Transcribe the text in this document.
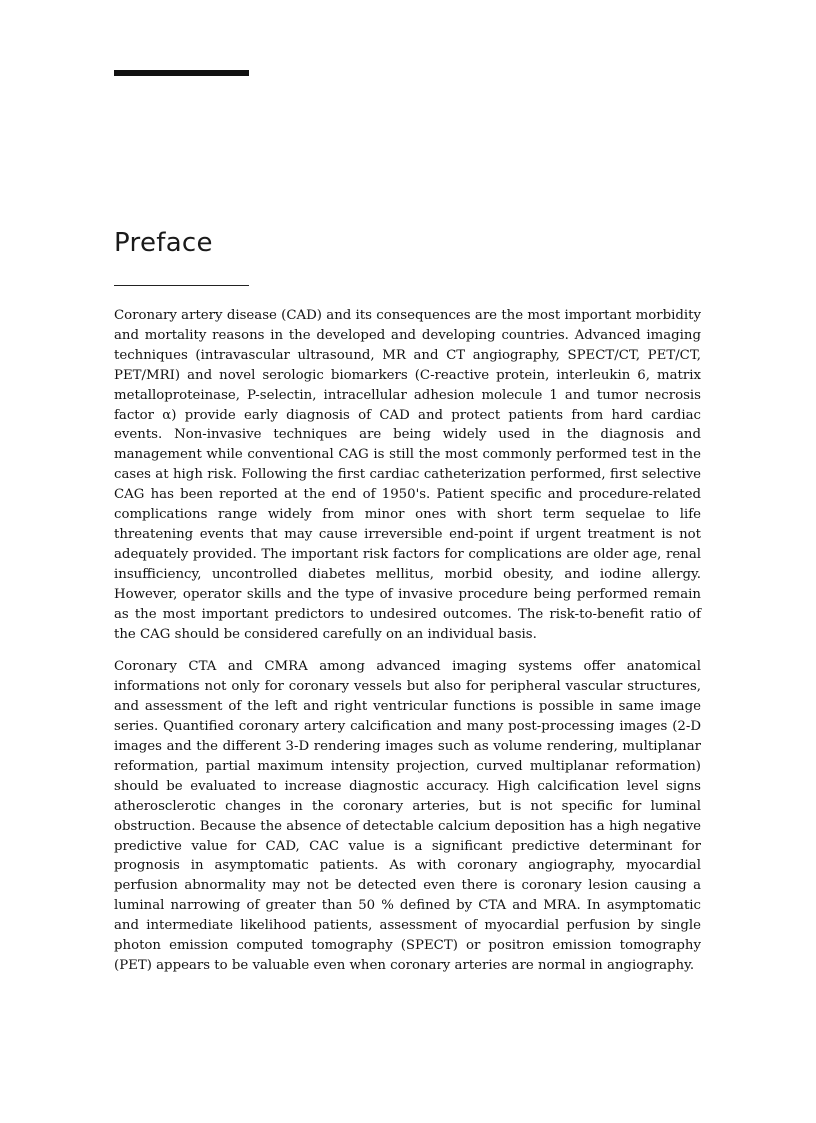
Preface

Coronary artery disease (CAD) and its consequences are the most important morbidity and mortality reasons in the developed and developing countries. Advanced imaging techniques (intravascular ultrasound, MR and CT angiography, SPECT/CT, PET/CT, PET/MRI) and novel serologic biomarkers (C-reactive protein, interleukin 6, matrix metalloproteinase, P-selectin, intracellular adhesion molecule 1 and tumor necrosis factor α) provide early diagnosis of CAD and protect patients from hard cardiac events. Non-invasive techniques are being widely used in the diagnosis and management while conventional CAG is still the most commonly performed test in the cases at high risk. Following the first cardiac catheterization performed, first selective CAG has been reported at the end of 1950's. Patient specific and procedure-related complications range widely from minor ones with short term sequelae to life threatening events that may cause irreversible end-point if urgent treatment is not adequately provided. The important risk factors for complications are older age, renal insufficiency, uncontrolled diabetes mellitus, morbid obesity, and iodine allergy. However, operator skills and the type of invasive procedure being performed remain as the most important predictors to undesired outcomes. The risk-to-benefit ratio of the CAG should be considered carefully on an individual basis.

Coronary CTA and CMRA among advanced imaging systems offer anatomical informations not only for coronary vessels but also for peripheral vascular structures, and assessment of the left and right ventricular functions is possible in same image series. Quantified coronary artery calcification and many post-processing images (2-D images and the different 3-D rendering images such as volume rendering, multiplanar reformation, partial maximum intensity projection, curved multiplanar reformation) should be evaluated to increase diagnostic accuracy. High calcification level signs atherosclerotic changes in the coronary arteries, but is not specific for luminal obstruction. Because the absence of detectable calcium deposition has a high negative predictive value for CAD, CAC value is a significant predictive determinant for prognosis in asymptomatic patients. As with coronary angiography, myocardial perfusion abnormality may not be detected even there is coronary lesion causing a luminal narrowing of greater than 50 % defined by CTA and MRA. In asymptomatic and intermediate likelihood patients, assessment of myocardial perfusion by single photon emission computed tomography (SPECT) or positron emission tomography (PET) appears to be valuable even when coronary arteries are normal in angiography.
